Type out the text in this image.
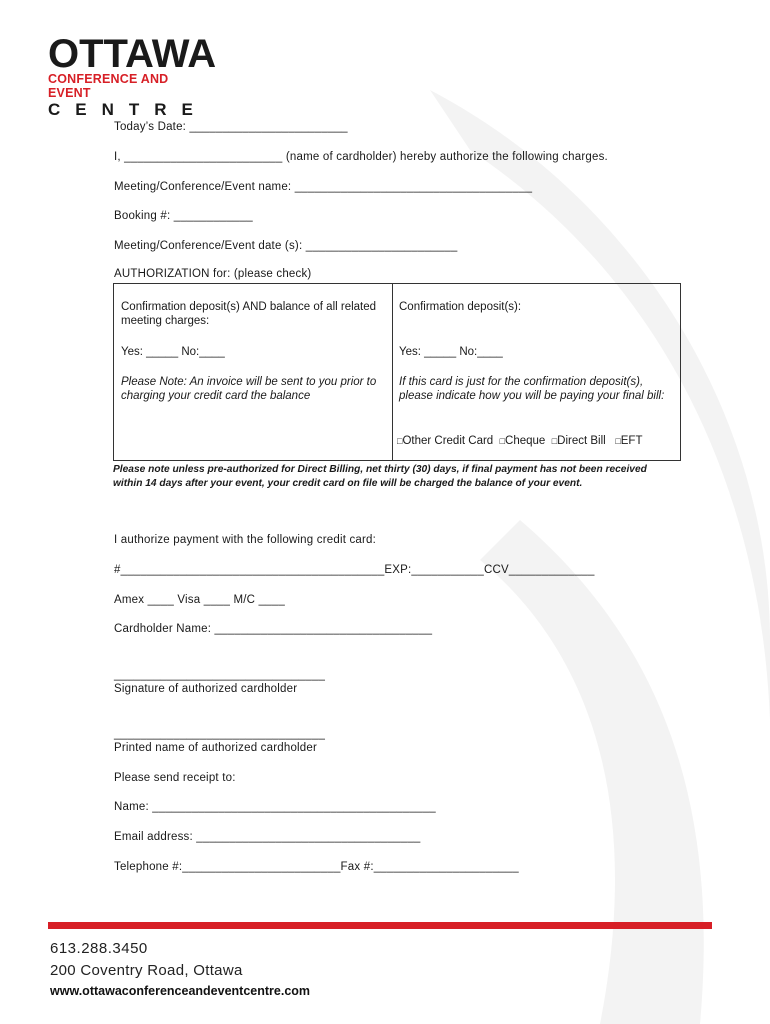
OTTAWA
CONFERENCE AND EVENT
CENTRE
Today’s Date: ________________________
I, ________________________ (name of cardholder) hereby authorize the following charges.
Meeting/Conference/Event name: ____________________________________
Booking #: ____________
Meeting/Conference/Event date (s): _______________________
AUTHORIZATION for: (please check)
Confirmation deposit(s) AND balance of all related meeting charges:
Yes: _____ No:____
Please Note: An invoice will be sent to you prior to charging your credit card the balance
Confirmation deposit(s):
Yes: _____ No:____
If this card is just for the confirmation deposit(s), please indicate how you will be paying your final bill:
□Other Credit Card □Cheque □Direct Bill □EFT
Please note unless pre-authorized for Direct Billing, net thirty (30) days, if final payment has not been received within 14 days after your event, your credit card on file will be charged the balance of your event.
I authorize payment with the following credit card:
#________________________________________EXP:___________CCV_____________
Amex ____ Visa ____ M/C ____
Cardholder Name: _________________________________
________________________________
Signature of authorized cardholder
________________________________
Printed name of authorized cardholder
Please send receipt to:
Name: ___________________________________________
Email address: __________________________________
Telephone #:________________________Fax #:______________________
613.288.3450
200 Coventry Road, Ottawa
www.ottawaconferenceandeventcentre.com
